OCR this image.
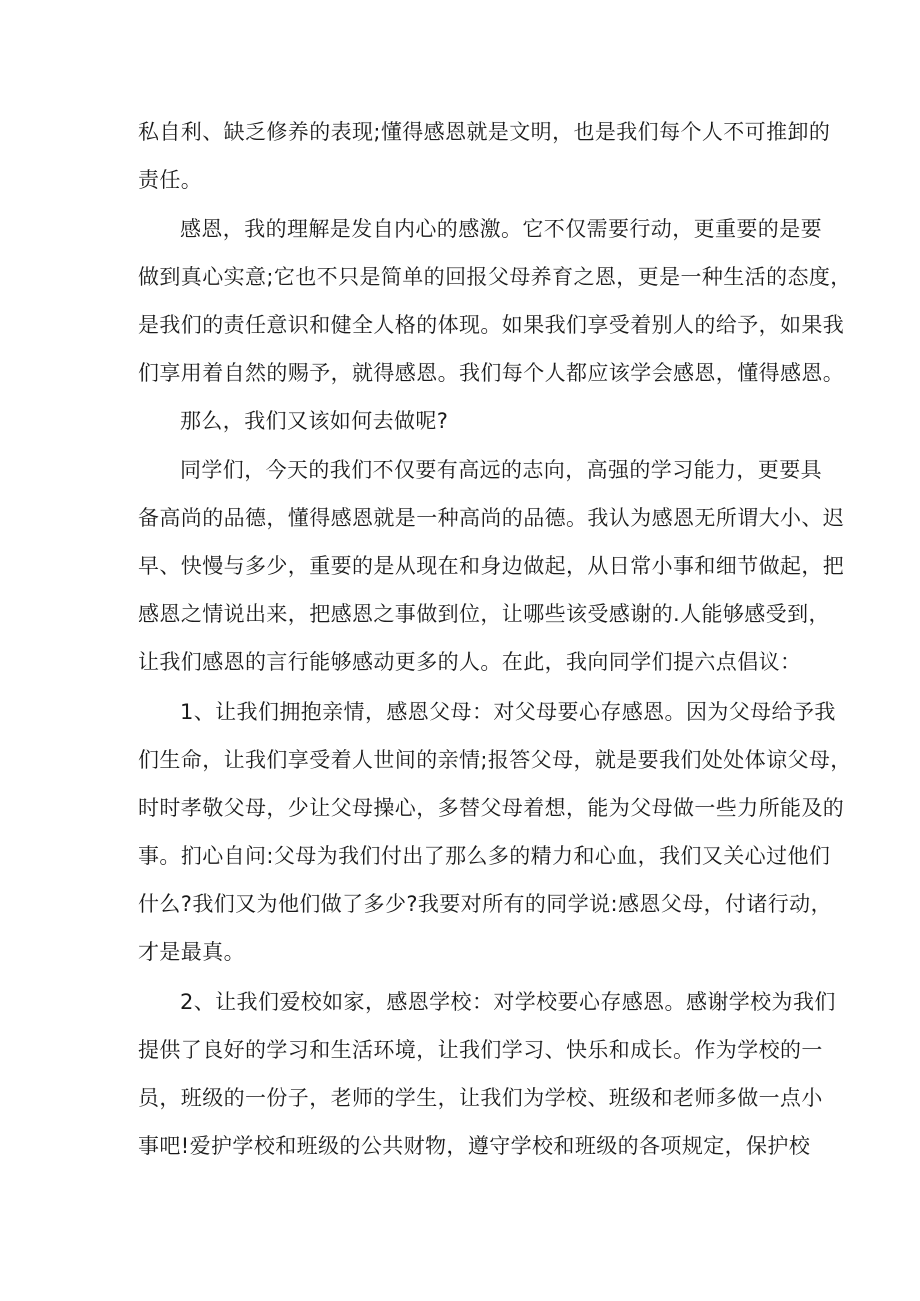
私自利、缺乏修养的表现;懂得感恩就是文明，也是我们每个人不可推卸的
责任。
感恩，我的理解是发自内心的感激。它不仅需要行动，更重要的是要
做到真心实意;它也不只是简单的回报父母养育之恩，更是一种生活的态度，
是我们的责任意识和健全人格的体现。如果我们享受着别人的给予，如果我
们享用着自然的赐予，就得感恩。我们每个人都应该学会感恩，懂得感恩。
那么，我们又该如何去做呢?
同学们，今天的我们不仅要有高远的志向，高强的学习能力，更要具
备高尚的品德，懂得感恩就是一种高尚的品德。我认为感恩无所谓大小、迟
早、快慢与多少，重要的是从现在和身边做起，从日常小事和细节做起，把
感恩之情说出来，把感恩之事做到位，让哪些该受感谢的.人能够感受到，
让我们感恩的言行能够感动更多的人。在此，我向同学们提六点倡议：
1、让我们拥抱亲情，感恩父母：对父母要心存感恩。因为父母给予我
们生命，让我们享受着人世间的亲情;报答父母，就是要我们处处体谅父母，
时时孝敬父母，少让父母操心，多替父母着想，能为父母做一些力所能及的
事。扪心自问:父母为我们付出了那么多的精力和心血，我们又关心过他们
什么?我们又为他们做了多少?我要对所有的同学说:感恩父母，付诸行动，
才是最真。
2、让我们爱校如家，感恩学校：对学校要心存感恩。感谢学校为我们
提供了良好的学习和生活环境，让我们学习、快乐和成长。作为学校的一
员，班级的一份子，老师的学生，让我们为学校、班级和老师多做一点小
事吧!爱护学校和班级的公共财物，遵守学校和班级的各项规定，保护校
